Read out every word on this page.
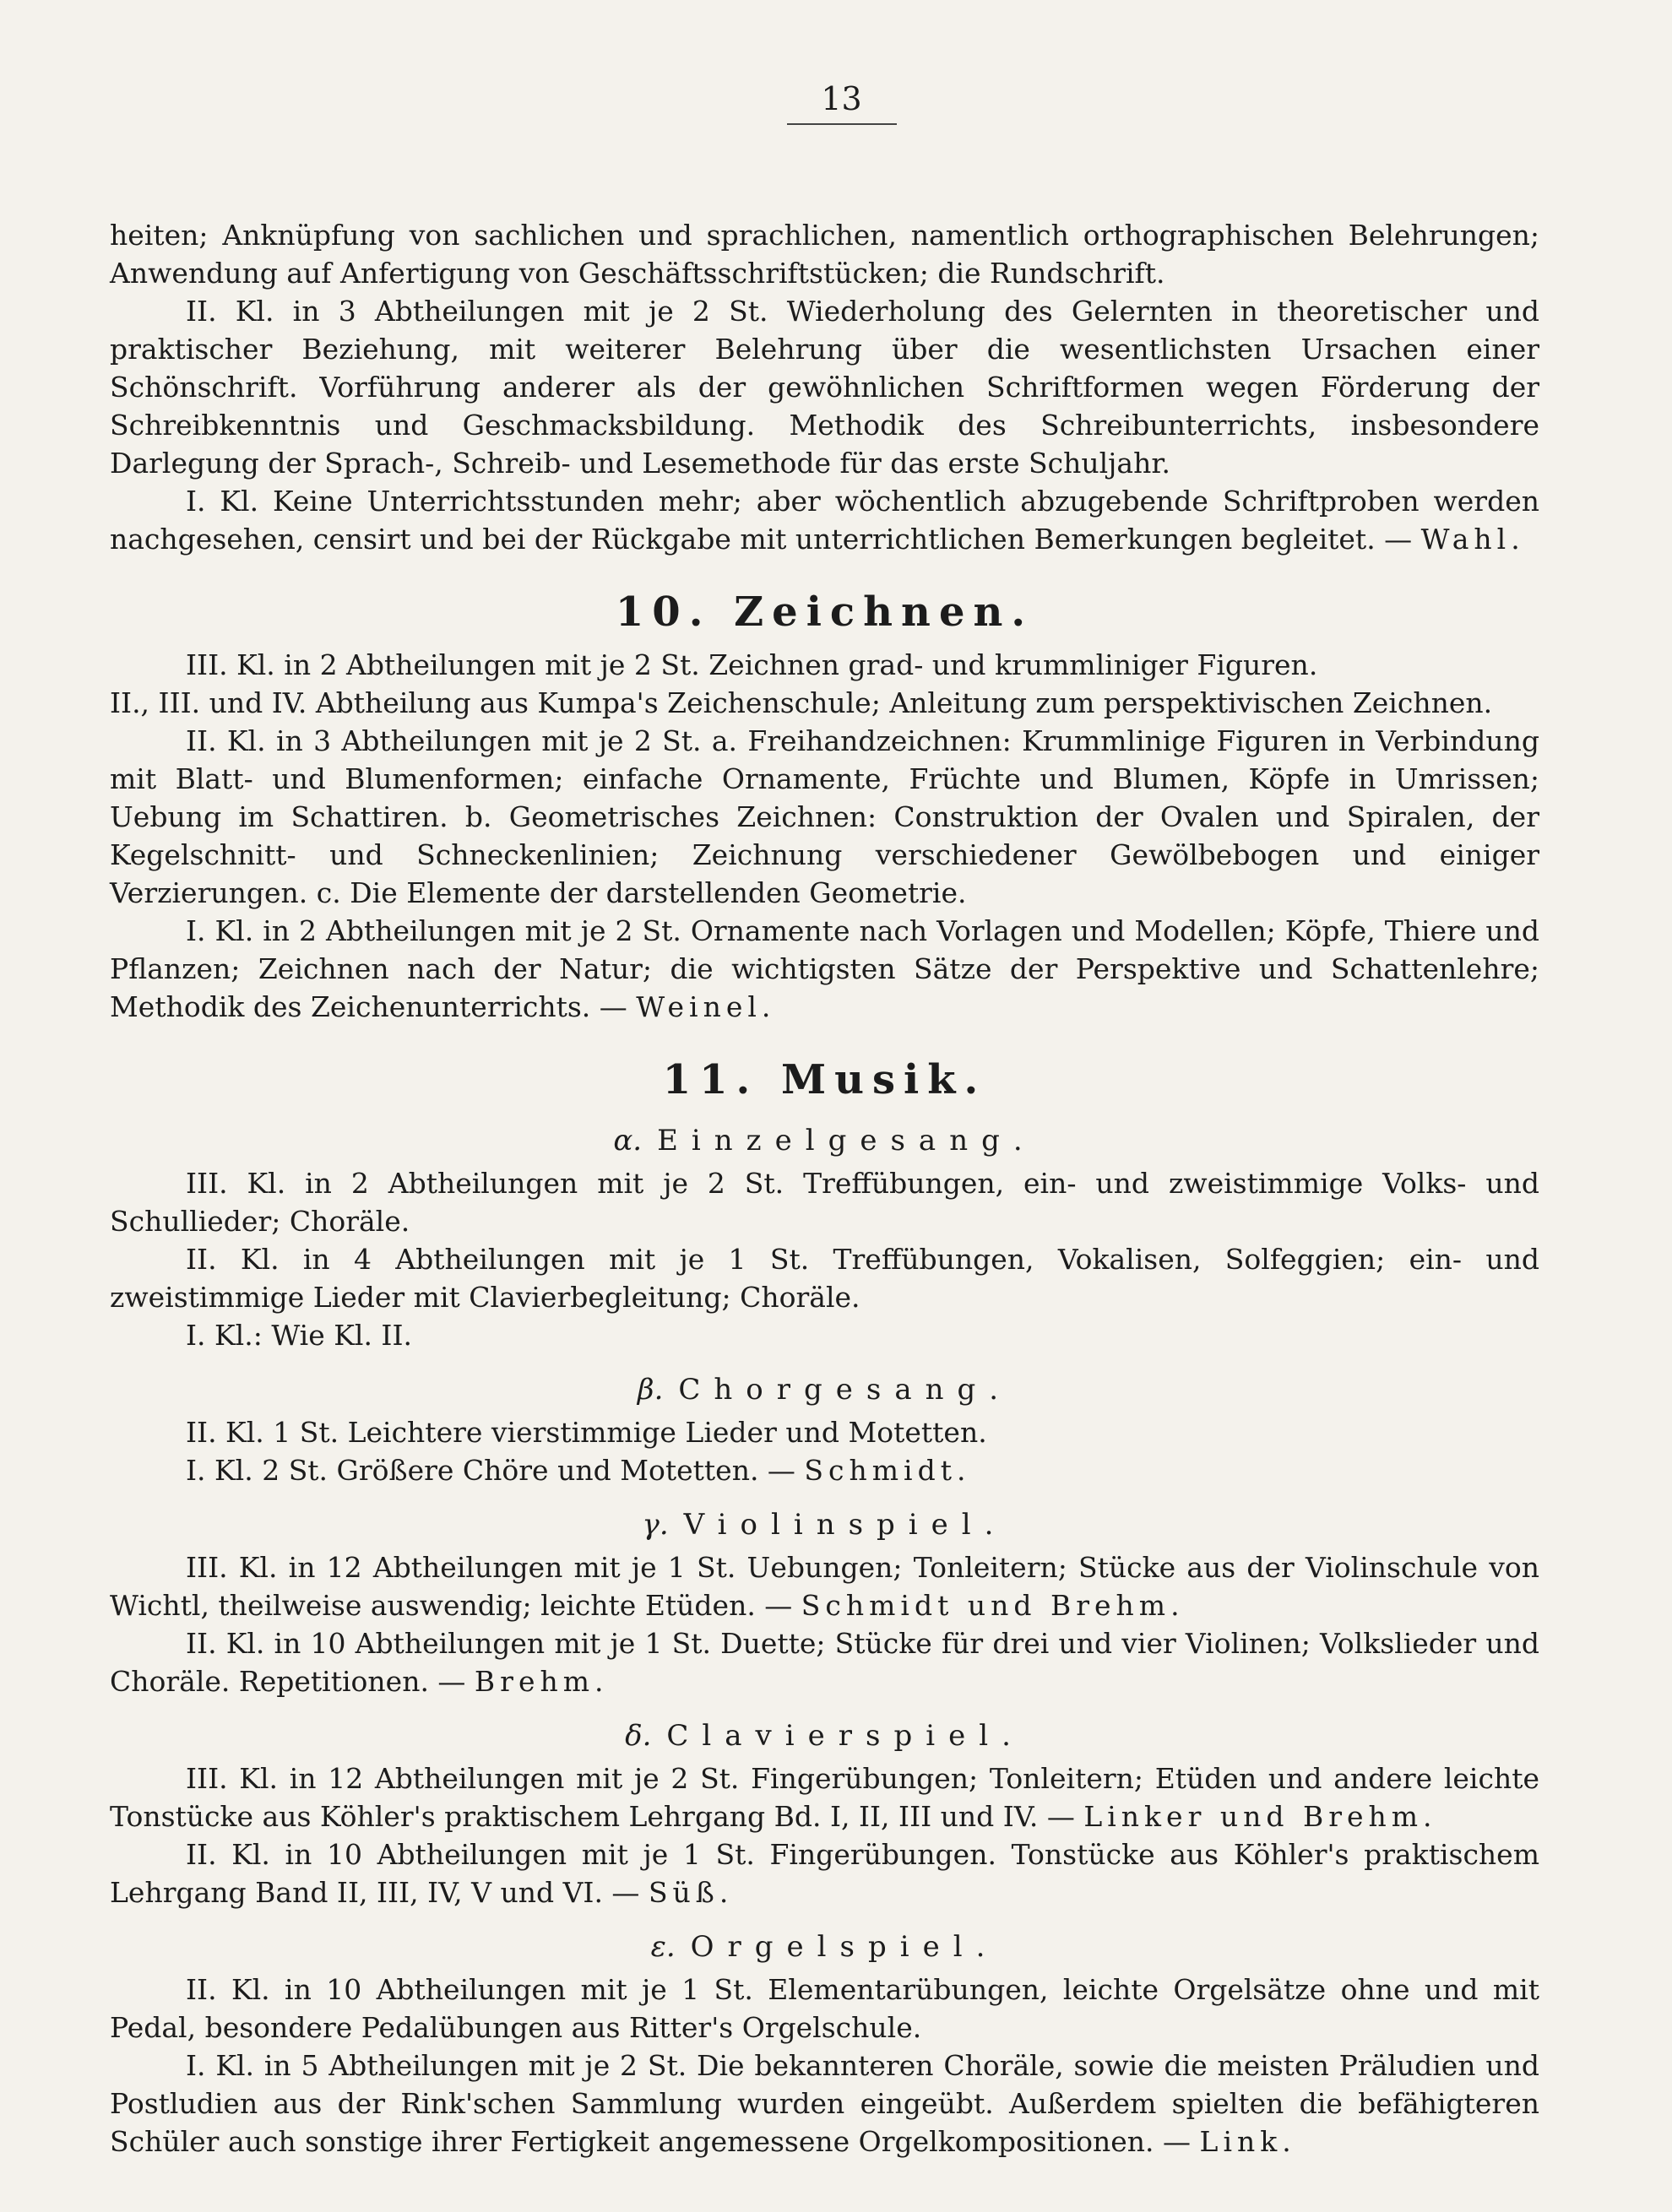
13

heiten; Anknüpfung von sachlichen und sprachlichen, namentlich orthographischen Belehrungen; Anwendung auf Anfertigung von Geschäftsschriftstücken; die Rundschrift.

II. Kl. in 3 Abtheilungen mit je 2 St. Wiederholung des Gelernten in theoretischer und praktischer Beziehung, mit weiterer Belehrung über die wesentlichsten Ursachen einer Schönschrift. Vorführung anderer als der gewöhnlichen Schriftformen wegen Förderung der Schreibkenntnis und Geschmacksbildung. Methodik des Schreibunterrichts, insbesondere Darlegung der Sprach-, Schreib- und Lesemethode für das erste Schuljahr.

I. Kl. Keine Unterrichtsstunden mehr; aber wöchentlich abzugebende Schriftproben werden nachgesehen, censirt und bei der Rückgabe mit unterrichtlichen Bemerkungen begleitet. — Wahl.

10. Zeichnen.

III. Kl. in 2 Abtheilungen mit je 2 St. Zeichnen grad- und krummliniger Figuren.

II., III. und IV. Abtheilung aus Kumpa's Zeichenschule; Anleitung zum perspektivischen Zeichnen.

II. Kl. in 3 Abtheilungen mit je 2 St. a. Freihandzeichnen: Krummlinige Figuren in Verbindung mit Blatt- und Blumenformen; einfache Ornamente, Früchte und Blumen, Köpfe in Umrissen; Uebung im Schattiren. b. Geometrisches Zeichnen: Construktion der Ovalen und Spiralen, der Kegelschnitt- und Schneckenlinien; Zeichnung verschiedener Gewölbebogen und einiger Verzierungen. c. Die Elemente der darstellenden Geometrie.

I. Kl. in 2 Abtheilungen mit je 2 St. Ornamente nach Vorlagen und Modellen; Köpfe, Thiere und Pflanzen; Zeichnen nach der Natur; die wichtigsten Sätze der Perspektive und Schattenlehre; Methodik des Zeichenunterrichts. — Weinel.

11. Musik.
α. Einzelgesang.

III. Kl. in 2 Abtheilungen mit je 2 St. Treffübungen, ein- und zweistimmige Volks- und Schullieder; Choräle.

II. Kl. in 4 Abtheilungen mit je 1 St. Treffübungen, Vokalisen, Solfeggien; ein- und zweistimmige Lieder mit Clavierbegleitung; Choräle.

I. Kl.: Wie Kl. II.

β. Chorgesang.

II. Kl. 1 St. Leichtere vierstimmige Lieder und Motetten.

I. Kl. 2 St. Größere Chöre und Motetten. — Schmidt.

γ. Violinspiel.

III. Kl. in 12 Abtheilungen mit je 1 St. Uebungen; Tonleitern; Stücke aus der Violinschule von Wichtl, theilweise auswendig; leichte Etüden. — Schmidt und Brehm.

II. Kl. in 10 Abtheilungen mit je 1 St. Duette; Stücke für drei und vier Violinen; Volkslieder und Choräle. Repetitionen. — Brehm.

δ. Clavierspiel.

III. Kl. in 12 Abtheilungen mit je 2 St. Fingerübungen; Tonleitern; Etüden und andere leichte Tonstücke aus Köhler's praktischem Lehrgang Bd. I, II, III und IV. — Linker und Brehm.

II. Kl. in 10 Abtheilungen mit je 1 St. Fingerübungen. Tonstücke aus Köhler's praktischem Lehrgang Band II, III, IV, V und VI. — Süß.

ε. Orgelspiel.

II. Kl. in 10 Abtheilungen mit je 1 St. Elementarübungen, leichte Orgelsätze ohne und mit Pedal, besondere Pedalübungen aus Ritter's Orgelschule.

I. Kl. in 5 Abtheilungen mit je 2 St. Die bekannteren Choräle, sowie die meisten Präludien und Postludien aus der Rink'schen Sammlung wurden eingeübt. Außerdem spielten die befähigteren Schüler auch sonstige ihrer Fertigkeit angemessene Orgelkompositionen. — Link.
